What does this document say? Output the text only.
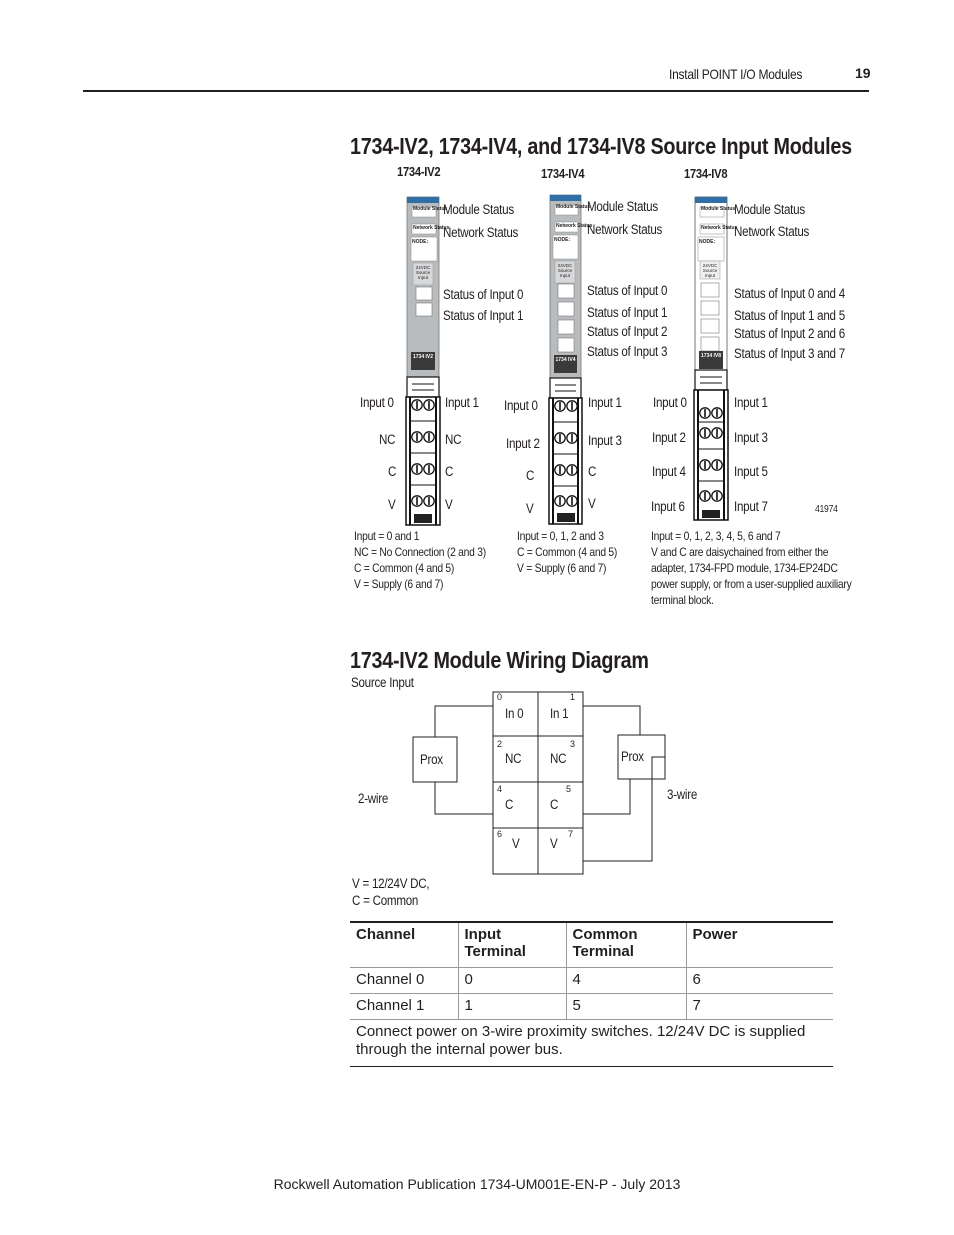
Install POINT I/O Modules	19
1734-IV2, 1734-IV4, and 1734-IV8 Source Input Modules
1734-IV2	1734-IV4	1734-IV8
Module Status
Network Status
NODE:
24VDC Source Input
1734 IV2
Module Status
Network Status
NODE:
24VDC Source Input
1734 IV4
Module Status
Network Status
NODE:
24VDC Source Input
1734 IV8
Module Status
Network Status
Status of Input 0
Status of Input 1
Input 0
NC
C
V
Input 1
NC
C
V
Module Status
Network Status
Status of Input 0
Status of Input 1
Status of Input 2
Status of Input 3
Input 0
Input 2
C
V
Input 1
Input 3
C
V
Module Status
Network Status
Status of Input 0 and 4
Status of Input 1 and 5
Status of Input 2 and 6
Status of Input 3 and 7
Input 0
Input 2
Input 4
Input 6
Input 1
Input 3
Input 5
Input 7	41974
Input = 0 and 1
NC = No Connection (2 and 3)
C = Common (4 and 5)
V = Supply (6 and 7)
Input = 0, 1, 2 and 3
C = Common (4 and 5)
V = Supply (6 and 7)
Input = 0, 1, 2, 3, 4, 5, 6 and 7
V and C are daisychained from either the
adapter, 1734-FPD module, 1734-EP24DC
power supply, or from a user-supplied auxiliary
terminal block.
1734-IV2 Module Wiring Diagram
Source Input
0
In 0
1
In 1
2
NC
3
NC
4
C
5
C
6
V
7
V
Prox	Prox
2-wire	3-wire
V = 12/24V DC,
C = Common
Channel	Input Terminal	Common Terminal	Power
Channel 0	0	4	6
Channel 1	1	5	7
Connect power on 3-wire proximity switches. 12/24V DC is supplied through the internal power bus.			
Rockwell Automation Publication 1734-UM001E-EN-P - July 2013
